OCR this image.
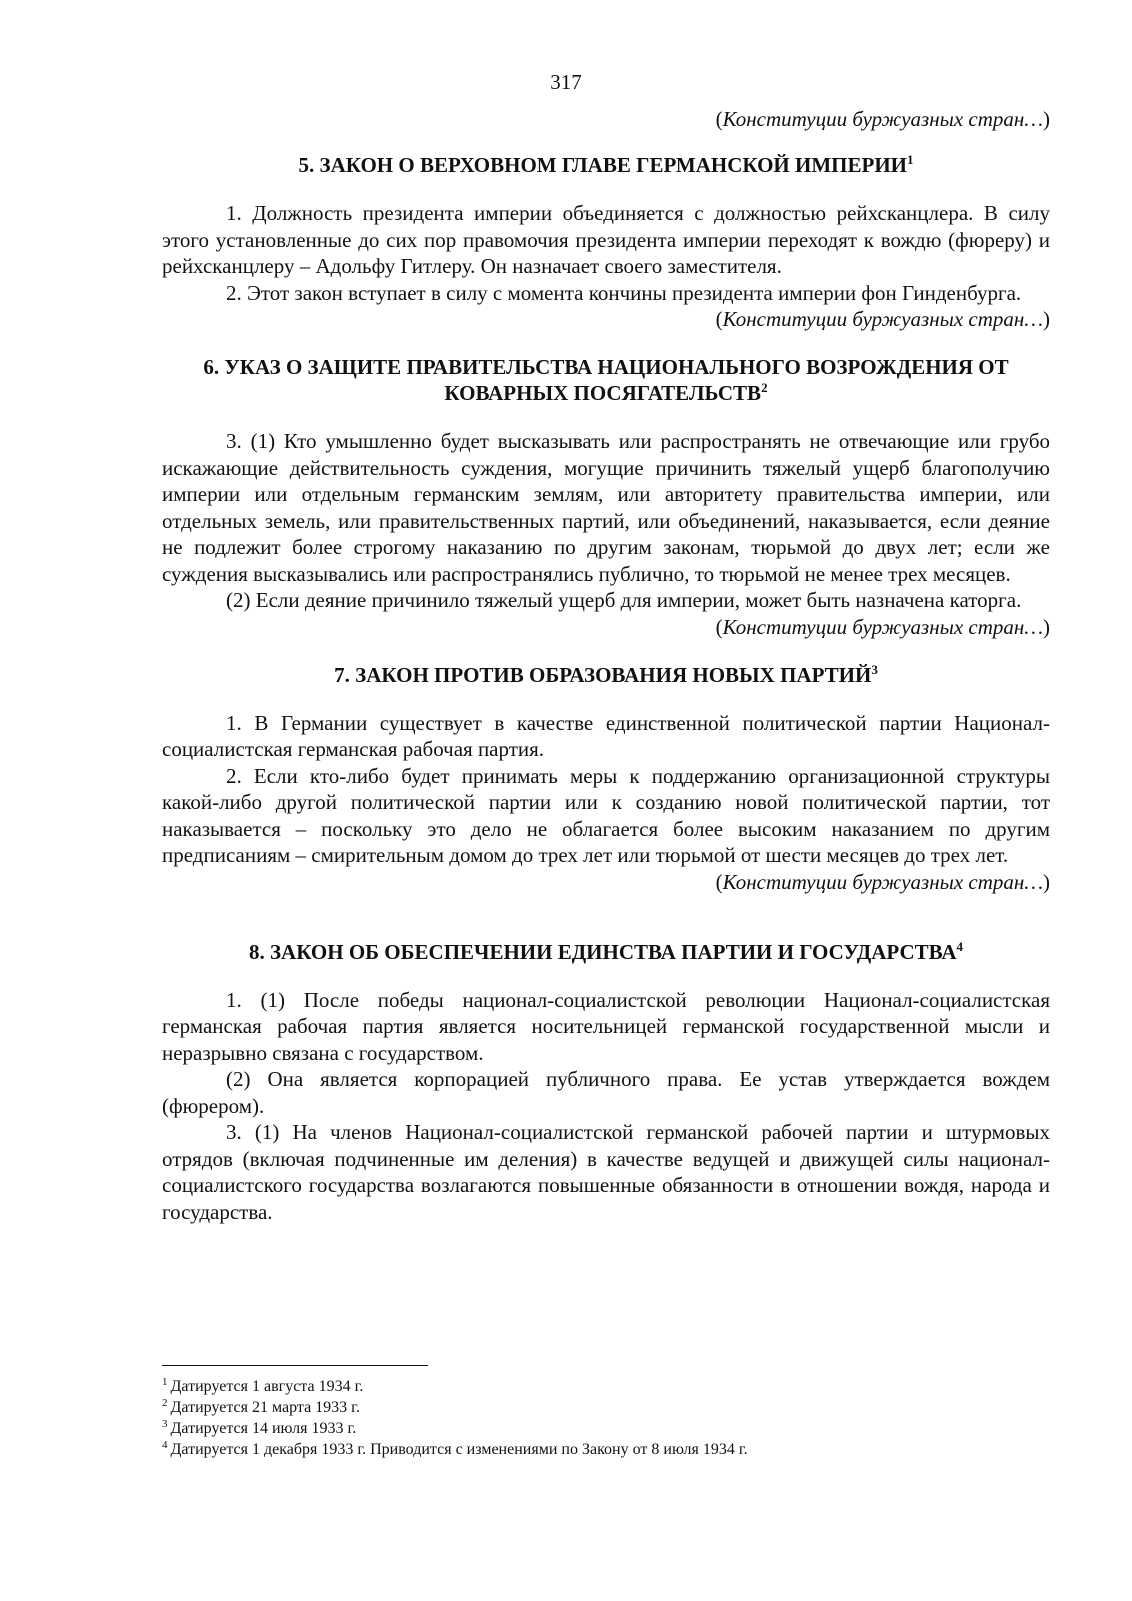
317

(Конституции буржуазных стран…)

5. ЗАКОН О ВЕРХОВНОМ ГЛАВЕ ГЕРМАНСКОЙ ИМПЕРИИ$^1$

1. Должность президента империи объединяется с должностью рейхсканцлера. В силу этого установленные до сих пор правомочия президента империи переходят к вождю (фюреру) и рейхсканцлеру – Адольфу Гитлеру. Он назначает своего заместителя.

2. Этот закон вступает в силу с момента кончины президента империи фон Гинденбурга.

(Конституции буржуазных стран…)

6. УКАЗ О ЗАЩИТЕ ПРАВИТЕЛЬСТВА НАЦИОНАЛЬНОГО ВОЗРОЖДЕНИЯ ОТ КОВАРНЫХ ПОСЯГАТЕЛЬСТВ$^2$

3. (1) Кто умышленно будет высказывать или распространять не отвечающие или грубо искажающие действительность суждения, могущие причинить тяжелый ущерб благополучию империи или отдельным германским землям, или авторитету правительства империи, или отдельных земель, или правительственных партий, или объединений, наказывается, если деяние не подлежит более строгому наказанию по другим законам, тюрьмой до двух лет; если же суждения высказывались или распространялись публично, то тюрьмой не менее трех месяцев.

(2) Если деяние причинило тяжелый ущерб для империи, может быть назначена каторга.

(Конституции буржуазных стран…)

7. ЗАКОН ПРОТИВ ОБРАЗОВАНИЯ НОВЫХ ПАРТИЙ$^3$

1. В Германии существует в качестве единственной политической партии Национал-социалистская германская рабочая партия.

2. Если кто-либо будет принимать меры к поддержанию организационной структуры какой-либо другой политической партии или к созданию новой политической партии, тот наказывается – поскольку это дело не облагается более высоким наказанием по другим предписаниям – смирительным домом до трех лет или тюрьмой от шести месяцев до трех лет.

(Конституции буржуазных стран…)

8. ЗАКОН ОБ ОБЕСПЕЧЕНИИ ЕДИНСТВА ПАРТИИ И ГОСУДАРСТВА$^4$

1. (1) После победы национал-социалистской революции Национал-социалистская германская рабочая партия является носительницей германской государственной мысли и неразрывно связана с государством.

(2) Она является корпорацией публичного права. Ее устав утверждается вождем (фюрером).

3. (1) На членов Национал-социалистской германской рабочей партии и штурмовых отрядов (включая подчиненные им деления) в качестве ведущей и движущей силы национал-социалистского государства возлагаются повышенные обязанности в отношении вождя, народа и государства.

$^1$ Датируется 1 августа 1934 г.

$^2$ Датируется 21 марта 1933 г.

$^3$ Датируется 14 июля 1933 г.

$^4$ Датируется 1 декабря 1933 г. Приводится с изменениями по Закону от 8 июля 1934 г.
